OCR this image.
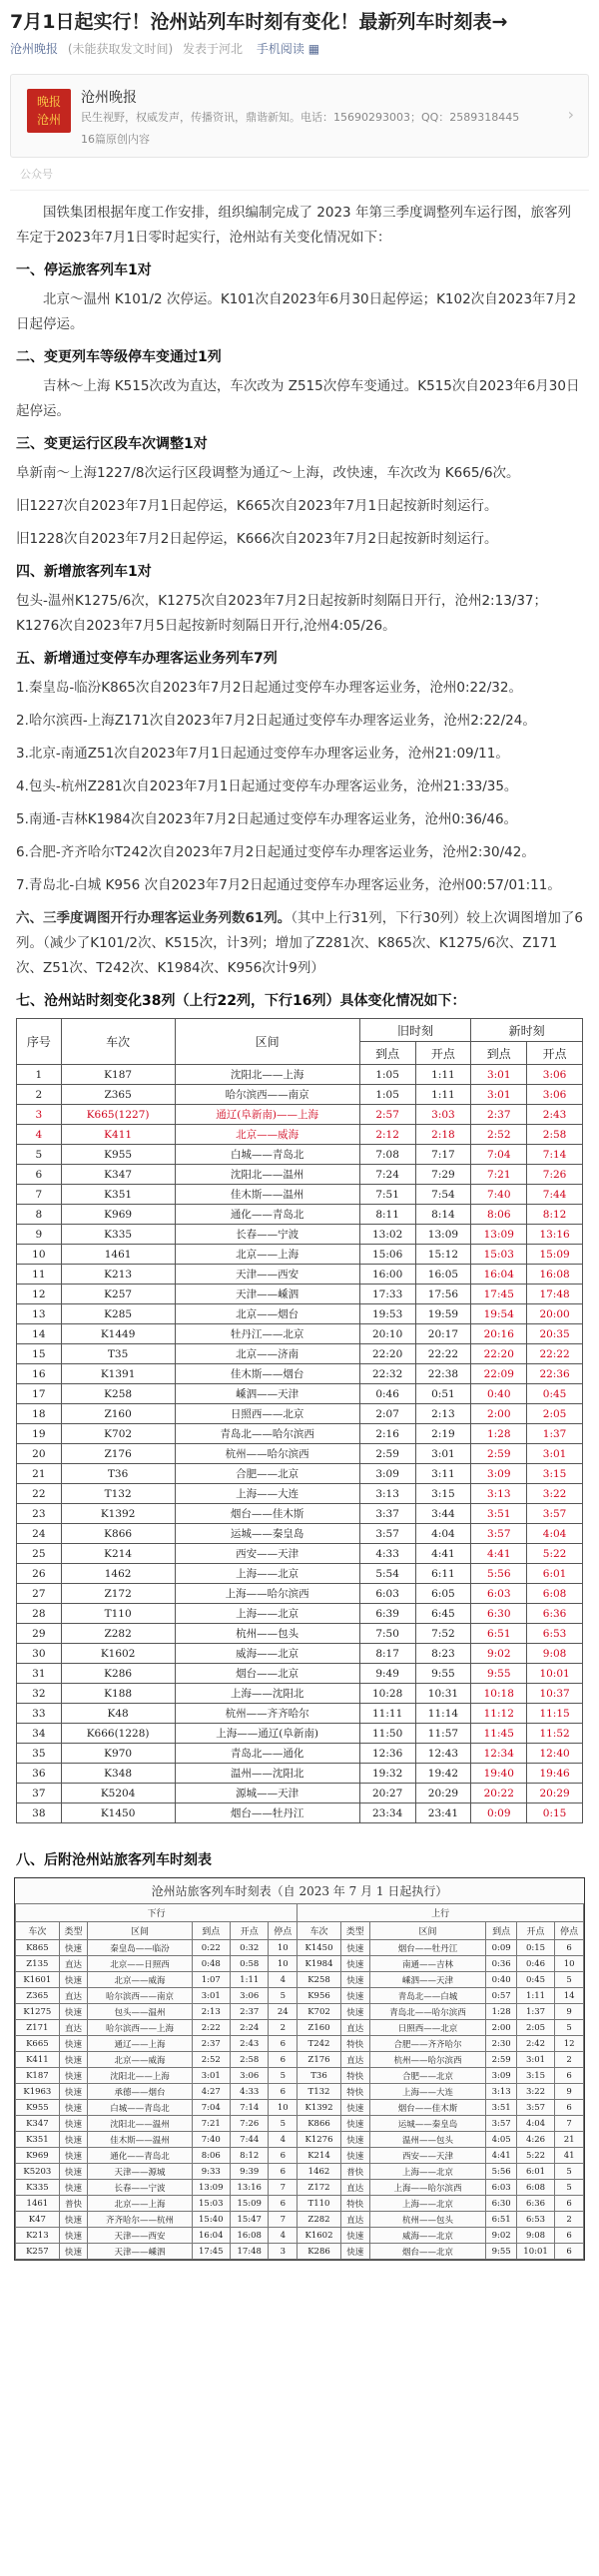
7月1日起实行！沧州站列车时刻有变化！最新列车时刻表→
沧州晚报 (未能获取发文时间) 发表于河北 手机阅读 ▦
晚报
沧州
沧州晚报
民生视野，权威发声，传播资讯，鼎谐新知。电话：15690293003；QQ：2589318445
16篇原创内容
›
公众号

国铁集团根据年度工作安排，组织编制完成了 2023 年第三季度调整列车运行图，旅客列车定于2023年7月1日零时起实行，沧州站有关变化情况如下：

一、停运旅客列车1对

北京～温州 K101/2 次停运。K101次自2023年6月30日起停运；K102次自2023年7月2日起停运。

二、变更列车等级停车变通过1列

吉林～上海 K515次改为直达，车次改为 Z515次停车变通过。K515次自2023年6月30日起停运。

三、变更运行区段车次调整1对

阜新南～上海1227/8次运行区段调整为通辽～上海，改快速，车次改为 K665/6次。

旧1227次自2023年7月1日起停运，K665次自2023年7月1日起按新时刻运行。

旧1228次自2023年7月2日起停运，K666次自2023年7月2日起按新时刻运行。

四、新增旅客列车1对

包头-温州K1275/6次，K1275次自2023年7月2日起按新时刻隔日开行，沧州2:13/37；K1276次自2023年7月5日起按新时刻隔日开行,沧州4:05/26。

五、新增通过变停车办理客运业务列车7列

1.秦皇岛-临汾K865次自2023年7月2日起通过变停车办理客运业务，沧州0:22/32。

2.哈尔滨西-上海Z171次自2023年7月2日起通过变停车办理客运业务，沧州2:22/24。

3.北京-南通Z51次自2023年7月1日起通过变停车办理客运业务，沧州21:09/11。

4.包头-杭州Z281次自2023年7月1日起通过变停车办理客运业务，沧州21:33/35。

5.南通-吉林K1984次自2023年7月2日起通过变停车办理客运业务，沧州0:36/46。

6.合肥-齐齐哈尔T242次自2023年7月2日起通过变停车办理客运业务，沧州2:30/42。

7.青岛北-白城 K956 次自2023年7月2日起通过变停车办理客运业务，沧州00:57/01:11。

六、三季度调图开行办理客运业务列数61列。（其中上行31列，下行30列）较上次调图增加了6列。（减少了K101/2次、K515次，计3列；增加了Z281次、K865次、K1275/6次、Z171次、Z51次、T242次、K1984次、K956次计9列）

七、沧州站时刻变化38列（上行22列，下行16列）具体变化情况如下：
序号	车次	区间	旧时刻		新时刻	
			到点	开点	到点	开点
1	K187	沈阳北——上海	1:05	1:11	3:01	3:06
2	Z365	哈尔滨西——南京	1:05	1:11	3:01	3:06
3	K665(1227)	通辽(阜新南)——上海	2:57	3:03	2:37	2:43
4	K411	北京——威海	2:12	2:18	2:52	2:58
5	K955	白城——青岛北	7:08	7:17	7:04	7:14
6	K347	沈阳北——温州	7:24	7:29	7:21	7:26
7	K351	佳木斯——温州	7:51	7:54	7:40	7:44
8	K969	通化——青岛北	8:11	8:14	8:06	8:12
9	K335	长春——宁波	13:02	13:09	13:09	13:16
10	1461	北京——上海	15:06	15:12	15:03	15:09
11	K213	天津——西安	16:00	16:05	16:04	16:08
12	K257	天津——嵊泗	17:33	17:56	17:45	17:48
13	K285	北京——烟台	19:53	19:59	19:54	20:00
14	K1449	牡丹江——北京	20:10	20:17	20:16	20:35
15	T35	北京——济南	22:20	22:22	22:20	22:22
16	K1391	佳木斯——烟台	22:32	22:38	22:09	22:36
17	K258	嵊泗——天津	0:46	0:51	0:40	0:45
18	Z160	日照西——北京	2:07	2:13	2:00	2:05
19	K702	青岛北——哈尔滨西	2:16	2:19	1:28	1:37
20	Z176	杭州——哈尔滨西	2:59	3:01	2:59	3:01
21	T36	合肥——北京	3:09	3:11	3:09	3:15
22	T132	上海——大连	3:13	3:15	3:13	3:22
23	K1392	烟台——佳木斯	3:37	3:44	3:51	3:57
24	K866	运城——秦皇岛	3:57	4:04	3:57	4:04
25	K214	西安——天津	4:33	4:41	4:41	5:22
26	1462	上海——北京	5:54	6:11	5:56	6:01
27	Z172	上海——哈尔滨西	6:03	6:05	6:03	6:08
28	T110	上海——北京	6:39	6:45	6:30	6:36
29	Z282	杭州——包头	7:50	7:52	6:51	6:53
30	K1602	威海——北京	8:17	8:23	9:02	9:08
31	K286	烟台——北京	9:49	9:55	9:55	10:01
32	K188	上海——沈阳北	10:28	10:31	10:18	10:37
33	K48	杭州——齐齐哈尔	11:11	11:14	11:12	11:15
34	K666(1228)	上海——通辽(阜新南)	11:50	11:57	11:45	11:52
35	K970	青岛北——通化	12:36	12:43	12:34	12:40
36	K348	温州——沈阳北	19:32	19:42	19:40	19:46
37	K5204	源城——天津	20:27	20:29	20:22	20:29
38	K1450	烟台——牡丹江	23:34	23:41	0:09	0:15
八、后附沧州站旅客列车时刻表
沧州站旅客列车时刻表（自 2023 年 7 月 1 日起执行）
下行						上行					
车次	类型	区间	到点	开点	停点	车次	类型	区间	到点	开点	停点
K865	快速	秦皇岛——临汾	0:22	0:32	10	K1450	快速	烟台——牡丹江	0:09	0:15	6
Z135	直达	北京——日照西	0:48	0:58	10	K1984	快速	南通——吉林	0:36	0:46	10
K1601	快速	北京——威海	1:07	1:11	4	K258	快速	嵊泗——天津	0:40	0:45	5
Z365	直达	哈尔滨西——南京	3:01	3:06	5	K956	快速	青岛北——白城	0:57	1:11	14
K1275	快速	包头——温州	2:13	2:37	24	K702	快速	青岛北——哈尔滨西	1:28	1:37	9
Z171	直达	哈尔滨西——上海	2:22	2:24	2	Z160	直达	日照西——北京	2:00	2:05	5
K665	快速	通辽——上海	2:37	2:43	6	T242	特快	合肥——齐齐哈尔	2:30	2:42	12
K411	快速	北京——威海	2:52	2:58	6	Z176	直达	杭州——哈尔滨西	2:59	3:01	2
K187	快速	沈阳北——上海	3:01	3:06	5	T36	特快	合肥——北京	3:09	3:15	6
K1963	快速	承德——烟台	4:27	4:33	6	T132	特快	上海——大连	3:13	3:22	9
K955	快速	白城——青岛北	7:04	7:14	10	K1392	快速	烟台——佳木斯	3:51	3:57	6
K347	快速	沈阳北——温州	7:21	7:26	5	K866	快速	运城——秦皇岛	3:57	4:04	7
K351	快速	佳木斯——温州	7:40	7:44	4	K1276	快速	温州——包头	4:05	4:26	21
K969	快速	通化——青岛北	8:06	8:12	6	K214	快速	西安——天津	4:41	5:22	41
K5203	快速	天津——源城	9:33	9:39	6	1462	普快	上海——北京	5:56	6:01	5
K335	快速	长春——宁波	13:09	13:16	7	Z172	直达	上海——哈尔滨西	6:03	6:08	5
1461	普快	北京——上海	15:03	15:09	6	T110	特快	上海——北京	6:30	6:36	6
K47	快速	齐齐哈尔——杭州	15:40	15:47	7	Z282	直达	杭州——包头	6:51	6:53	2
K213	快速	天津——西安	16:04	16:08	4	K1602	快速	威海——北京	9:02	9:08	6
K257	快速	天津——嵊泗	17:45	17:48	3	K286	快速	烟台——北京	9:55	10:01	6
